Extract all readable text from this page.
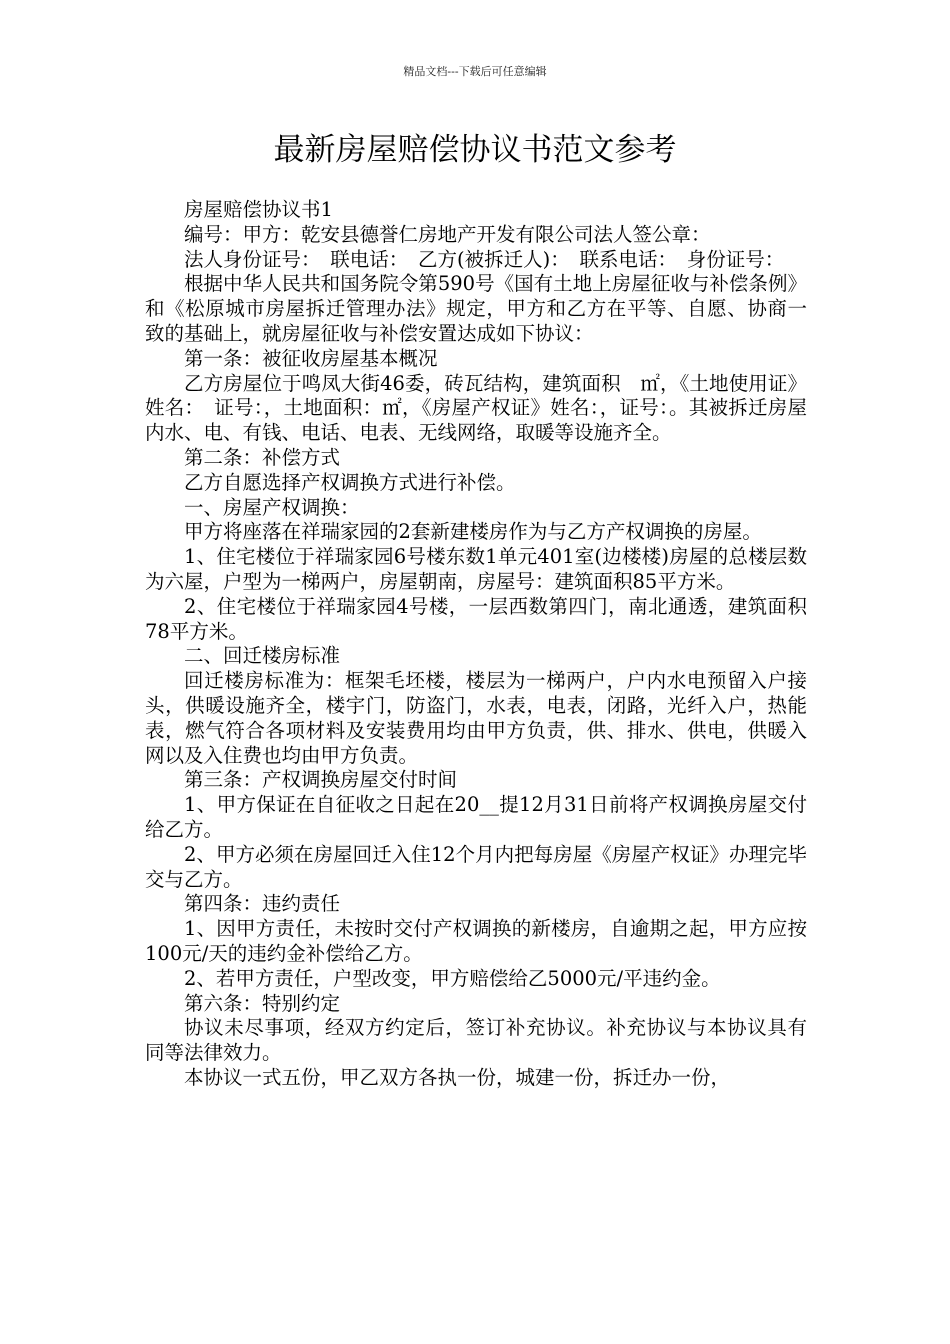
精品文档---下载后可任意编辑
最新房屋赔偿协议书范文参考

房屋赔偿协议书1

编号：甲方：乾安县德誉仁房地产开发有限公司法人签公章：

法人身份证号：　联电话：　乙方(被拆迁人)：　联系电话：　身份证号：

根据中华人民共和国务院令第590号《国有土地上房屋征收与补偿条例》和《松原城市房屋拆迁管理办法》规定，甲方和乙方在平等、自愿、协商一致的基础上，就房屋征收与补偿安置达成如下协议：

第一条：被征收房屋基本概况

乙方房屋位于鸣凤大街46委，砖瓦结构，建筑面积　㎡，《土地使用证》姓名：　证号：，土地面积：㎡，《房屋产权证》姓名：，证号：。其被拆迁房屋内水、电、有钱、电话、电表、无线网络，取暖等设施齐全。

第二条：补偿方式

乙方自愿选择产权调换方式进行补偿。

一、房屋产权调换：

甲方将座落在祥瑞家园的2套新建楼房作为与乙方产权调换的房屋。

1、住宅楼位于祥瑞家园6号楼东数1单元401室(边楼楼)房屋的总楼层数为六屋，户型为一梯两户，房屋朝南，房屋号：建筑面积85平方米。

2、住宅楼位于祥瑞家园4号楼，一层西数第四门，南北通透，建筑面积78平方米。

二、回迁楼房标准

回迁楼房标准为：框架毛坯楼，楼层为一梯两户，户内水电预留入户接头，供暖设施齐全，楼宇门，防盗门，水表，电表，闭路，光纤入户，热能表，燃气符合各项材料及安装费用均由甲方负责，供、排水、供电，供暖入网以及入住费也均由甲方负责。

第三条：产权调换房屋交付时间

1、甲方保证在自征收之日起在20__提12月31日前将产权调换房屋交付给乙方。

2、甲方必须在房屋回迁入住12个月内把每房屋《房屋产权证》办理完毕交与乙方。

第四条：违约责任

1、因甲方责任，未按时交付产权调换的新楼房，自逾期之起，甲方应按100元/天的违约金补偿给乙方。

2、若甲方责任，户型改变，甲方赔偿给乙5000元/平违约金。

第六条：特别约定

协议未尽事项，经双方约定后，签订补充协议。补充协议与本协议具有同等法律效力。

本协议一式五份，甲乙双方各执一份，城建一份，拆迁办一份，
